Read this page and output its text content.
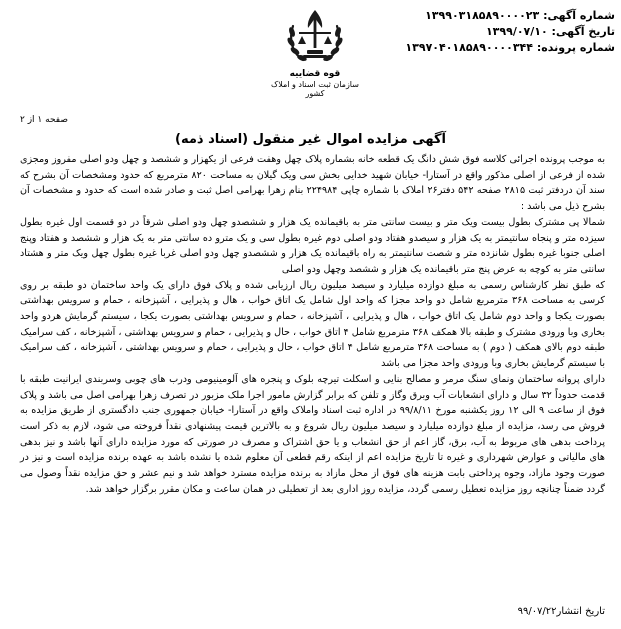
شماره آگهی: ۱۳۹۹۰۳۱۸۵۸۹۰۰۰۰۲۳
تاریخ آگهی: ۱۳۹۹/۰۷/۱۰
شماره پرونده: ۱۳۹۷۰۴۰۱۸۵۸۹۰۰۰۰۳۴۴
قوه قضاییه
سازمان ثبت اسناد و املاک کشور
صفحه ۱ از ۲
آگهی مزایده اموال غیر منقول (اسناد ذمه)

به موجب پرونده اجرائی کلاسه فوق شش دانگ یک قطعه خانه بشماره پلاک چهل وهفت فرعی از یکهزار و ششصد و چهل ودو اصلی مفروز ومجزی شده از فرعی از اصلی مذکور واقع در آستارا- خیابان شهید خدایی بخش سی ویک گیلان به مساحت ۸۲۰ مترمربع که حدود ومشخصات آن بشرح که سند آن دردفتر ثبت ۲۸۱۵ صفحه ۵۴۲ دفتر۲۶ املاک با شماره چاپی ۲۲۴۹۸۴ بنام زهرا بهرامی اصل ثبت و صادر شده است که حدود و مشخصات آن بشرح ذیل می باشد :

شمالا پی مشترک بطول بیست ویک متر و بیست سانتی متر به باقیمانده یک هزار و ششصدو چهل ودو اصلی شرقاً در دو قسمت اول غیره بطول سیزده متر و پنجاه سانتیمتر به یک هزار و سیصدو هفتاد ودو اصلی دوم غیره بطول سی و یک مترو ده سانتی متر به یک هزار و ششصد و هفتاد وپنج اصلی جنوبا غیره بطول شانزده متر و شصت سانتیمتر به راه باقیمانده یک هزار و ششصدو چهل ودو اصلی غربا غیره بطول چهل ویک متر و هشتاد سانتی متر به کوچه به عرض پنج متر باقیمانده یک هزار و ششصد وچهل ودو اصلی

که طبق نظر کارشناس رسمی به مبلغ دوازده میلیارد و سیصد میلیون ریال ارزیابی شده و پلاک فوق دارای یک واحد ساختمان دو طبقه بر روی کرسی به مساحت ۳۶۸ مترمربع شامل دو واحد مجزا که واحد اول شامل یک اتاق خواب ، هال و پذیرایی ، آشپزخانه ، حمام و سرویس بهداشتی بصورت یکجا و واحد دوم شامل یک اتاق خواب ، هال و پذیرایی ، آشپزخانه ، حمام و سرویس بهداشتی بصورت یکجا ، سیستم گرمایش هردو واحد بخاری وبا ورودی مشترک و طبقه بالا همکف ۳۶۸ مترمربع شامل ۴ اتاق خواب ، حال و پذیرایی ، حمام و سرویس بهداشتی ، آشپزخانه ، کف سرامیک

طبقه دوم بالای همکف ( دوم ) به مساحت ۳۶۸ مترمربع شامل ۴ اتاق خواب ، حال و پذیرایی ، حمام و سرویس بهداشتی ، آشپزخانه ، کف سرامیک با سیستم گرمایش بخاری وبا ورودی واحد مجزا می باشد

دارای پروانه ساختمان ونمای سنگ مرمر و مصالح بنایی و اسکلت تیرچه بلوک و پنجره های آلومینیومی ودرب های چوبی وسربندی ایرانیت طبقه با قدمت حدوداً ۳۲ سال و دارای انشعابات آب وبرق وگاز و تلفن که برابر گزارش مامور اجرا ملک مزبور در تصرف زهرا بهرامی اصل می باشد و پلاک فوق از ساعت ۹ الی ۱۲ روز یکشنبه مورخ ۹۹/۸/۱۱ در اداره ثبت اسناد واملاک واقع در آستارا- خیابان جمهوری جنب دادگستری از طریق مزایده به فروش می رسد، مزایده از مبلغ دوازده میلیارد و سیصد میلیون ریال شروع و به بالاترین قیمت پیشنهادی نقداً فروخته می شود، لازم به ذکر است پرداخت بدهی های مربوط به آب، برق، گاز اعم از حق انشعاب و یا حق اشتراک و مصرف در صورتی که مورد مزایده دارای آنها باشد و نیز بدهی های مالیاتی و عوارض شهرداری و غیره تا تاریخ مزایده اعم از اینکه رقم قطعی آن معلوم شده یا نشده باشد به عهده برنده مزایده است و نیز در صورت وجود مازاد، وجوه پرداختی بابت هزینه های فوق از محل مازاد به برنده مزایده مسترد خواهد شد و نیم عشر و حق مزایده نقداً وصول می گردد ضمناً چنانچه روز مزایده تعطیل رسمی گردد، مزایده روز اداری بعد از تعطیلی در همان ساعت و مکان مقرر برگزار خواهد شد.

تاریخ انتشار۹۹/۰۷/۲۲
